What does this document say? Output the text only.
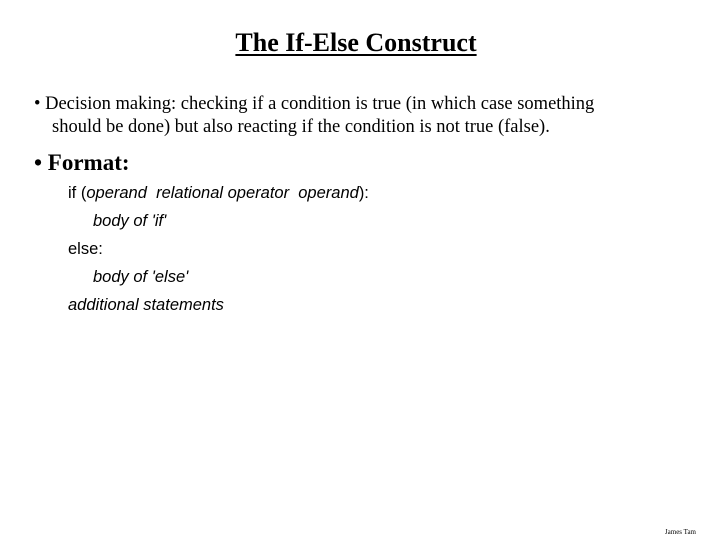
The If-Else Construct
• Decision making: checking if a condition is true (in which case something
should be done) but also reacting if the condition is not true (false).
• Format:
if (operand relational operator operand):
body of 'if'
else:
body of 'else'
additional statements
James Tam
